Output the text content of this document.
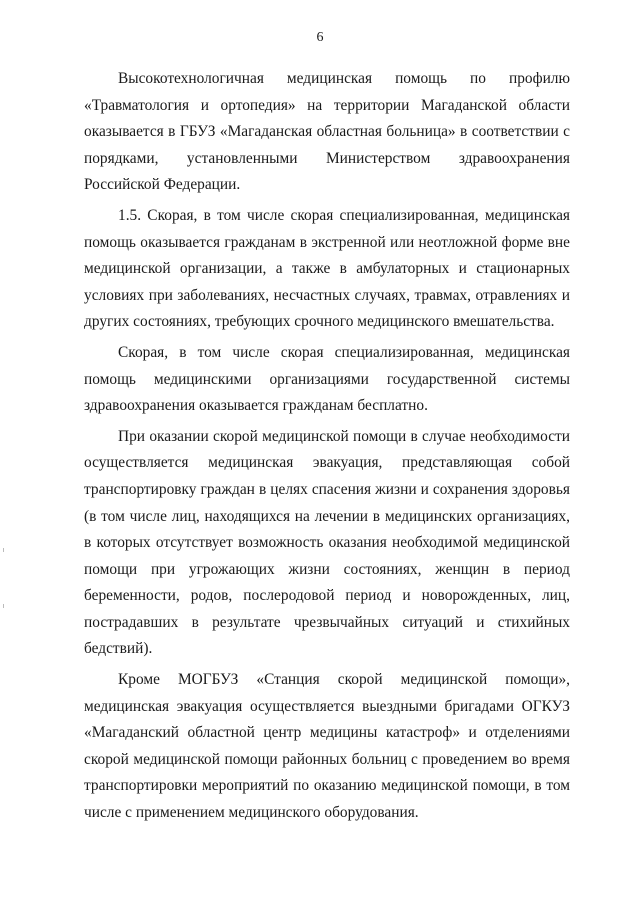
6

Высокотехнологичная медицинская помощь по профилю «Травматология и ортопедия» на территории Магаданской области оказывается в ГБУЗ «Магаданская областная больница» в соответствии с порядками, установленными Министерством здравоохранения Российской Федерации.

1.5. Скорая, в том числе скорая специализированная, медицинская помощь оказывается гражданам в экстренной или неотложной форме вне медицинской организации, а также в амбулаторных и стационарных условиях при заболеваниях, несчастных случаях, травмах, отравлениях и других состояниях, требующих срочного медицинского вмешательства.

Скорая, в том числе скорая специализированная, медицинская помощь медицинскими организациями государственной системы здравоохранения оказывается гражданам бесплатно.

При оказании скорой медицинской помощи в случае необходимости осуществляется медицинская эвакуация, представляющая собой транспортировку граждан в целях спасения жизни и сохранения здоровья (в том числе лиц, находящихся на лечении в медицинских организациях, в которых отсутствует возможность оказания необходимой медицинской помощи при угрожающих жизни состояниях, женщин в период беременности, родов, послеродовой период и новорожденных, лиц, пострадавших в результате чрезвычайных ситуаций и стихийных бедствий).

Кроме МОГБУЗ «Станция скорой медицинской помощи», медицинская эвакуация осуществляется выездными бригадами ОГКУЗ «Магаданский областной центр медицины катастроф» и отделениями скорой медицинской помощи районных больниц с проведением во время транспортировки мероприятий по оказанию медицинской помощи, в том числе с применением медицинского оборудования.
